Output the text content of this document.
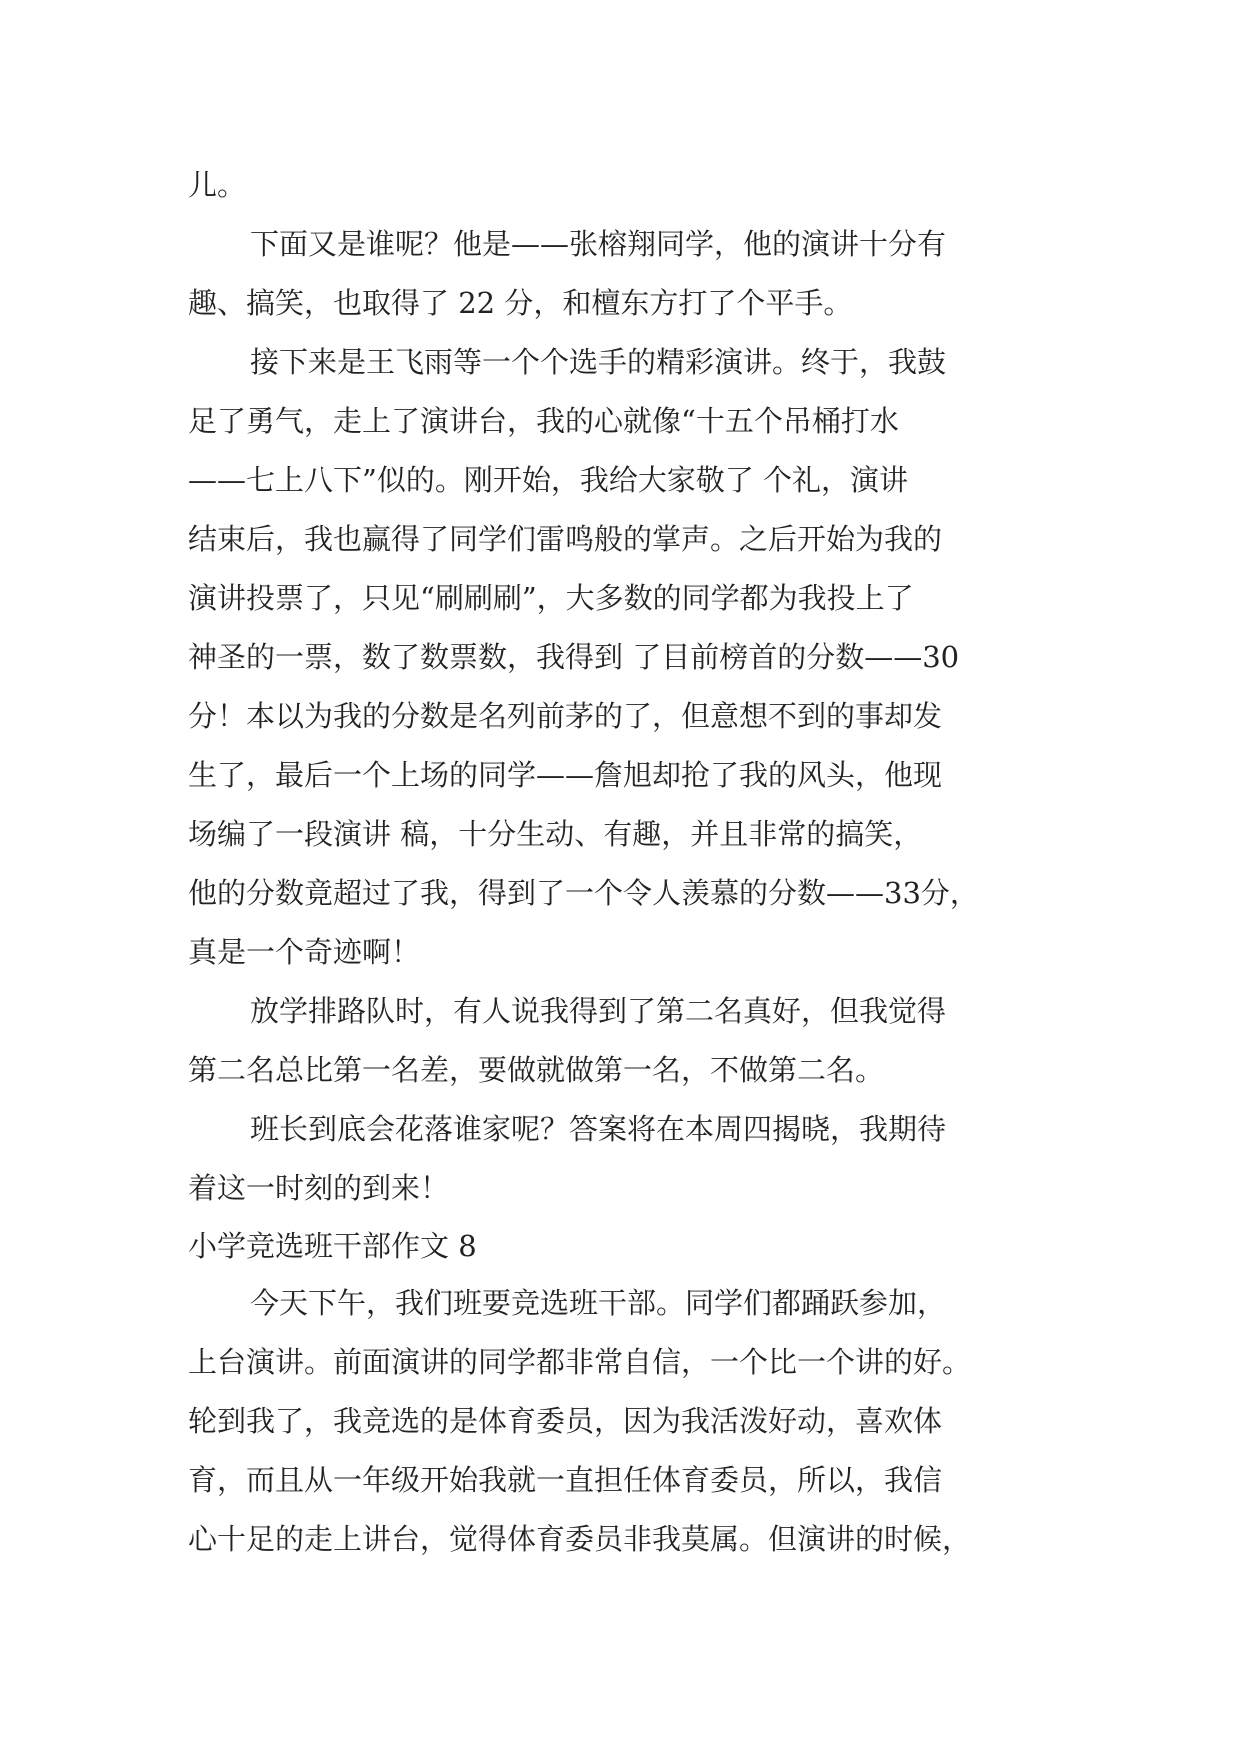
儿。
下面又是谁呢？他是——张榕翔同学，他的演讲十分有
趣、搞笑，也取得了 22 分，和檀东方打了个平手。
接下来是王飞雨等一个个选手的精彩演讲。终于，我鼓
足了勇气，走上了演讲台，我的心就像“十五个吊桶打水
——七上八下”似的。刚开始，我给大家敬了 个礼，演讲
结束后，我也赢得了同学们雷鸣般的掌声。之后开始为我的
演讲投票了，只见“刷刷刷”，大多数的同学都为我投上了
神圣的一票，数了数票数，我得到 了目前榜首的分数——30
分！本以为我的分数是名列前茅的了，但意想不到的事却发
生了，最后一个上场的同学——詹旭却抢了我的风头，他现
场编了一段演讲 稿，十分生动、有趣，并且非常的搞笑，
他的分数竟超过了我，得到了一个令人羡慕的分数——33分，
真是一个奇迹啊！
放学排路队时，有人说我得到了第二名真好，但我觉得
第二名总比第一名差，要做就做第一名，不做第二名。
班长到底会花落谁家呢？答案将在本周四揭晓，我期待
着这一时刻的到来！
小学竞选班干部作文 8
今天下午，我们班要竞选班干部。同学们都踊跃参加，
上台演讲。前面演讲的同学都非常自信，一个比一个讲的好。
轮到我了，我竞选的是体育委员，因为我活泼好动，喜欢体
育，而且从一年级开始我就一直担任体育委员，所以，我信
心十足的走上讲台，觉得体育委员非我莫属。但演讲的时候，
